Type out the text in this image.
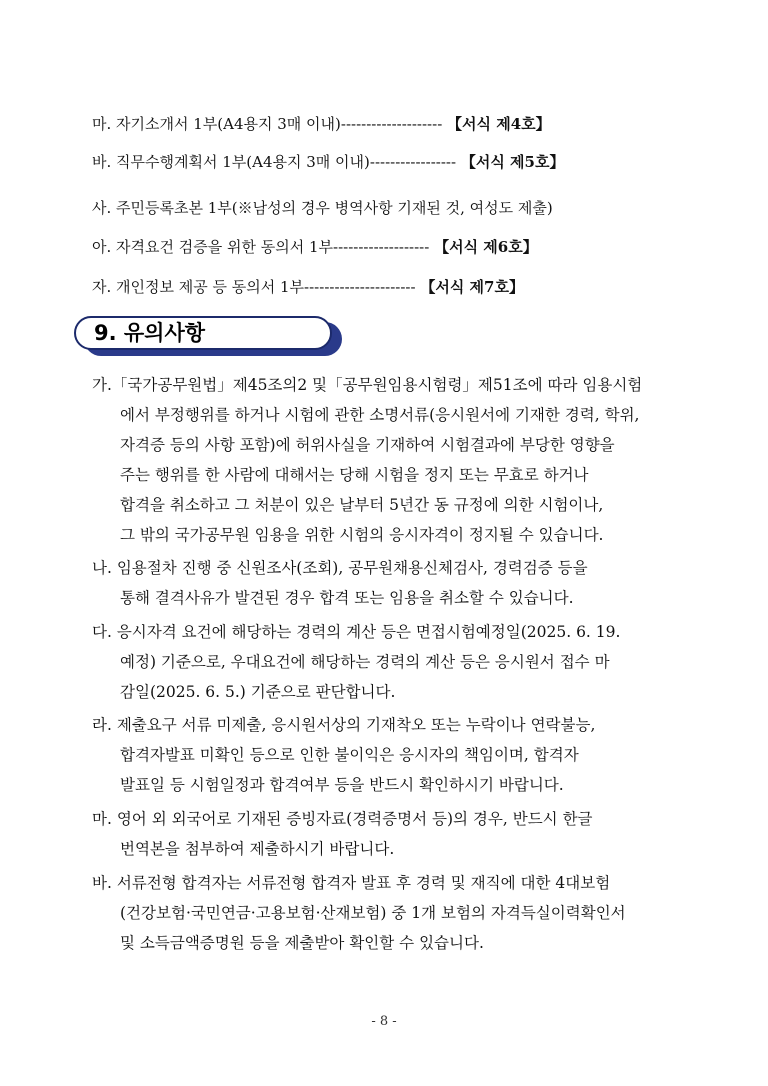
마. 자기소개서 1부(A4용지 3매 이내)-------------------- 【서식 제4호】
바. 직무수행계획서 1부(A4용지 3매 이내)----------------- 【서식 제5호】
사. 주민등록초본 1부(※남성의 경우 병역사항 기재된 것, 여성도 제출)
아. 자격요건 검증을 위한 동의서 1부------------------- 【서식 제6호】
자. 개인정보 제공 등 동의서 1부---------------------- 【서식 제7호】
9. 유의사항
가.「국가공무원법」제45조의2 및「공무원임용시험령」제51조에 따라 임용시험
에서 부정행위를 하거나 시험에 관한 소명서류(응시원서에 기재한 경력, 학위,
자격증 등의 사항 포함)에 허위사실을 기재하여 시험결과에 부당한 영향을
주는 행위를 한 사람에 대해서는 당해 시험을 정지 또는 무효로 하거나
합격을 취소하고 그 처분이 있은 날부터 5년간 동 규정에 의한 시험이나,
그 밖의 국가공무원 임용을 위한 시험의 응시자격이 정지될 수 있습니다.
나. 임용절차 진행 중 신원조사(조회), 공무원채용신체검사, 경력검증 등을
통해 결격사유가 발견된 경우 합격 또는 임용을 취소할 수 있습니다.
다. 응시자격 요건에 해당하는 경력의 계산 등은 면접시험예정일(2025. 6. 19.
예정) 기준으로, 우대요건에 해당하는 경력의 계산 등은 응시원서 접수 마
감일(2025. 6. 5.) 기준으로 판단합니다.
라. 제출요구 서류 미제출, 응시원서상의 기재착오 또는 누락이나 연락불능,
합격자발표 미확인 등으로 인한 불이익은 응시자의 책임이며, 합격자
발표일 등 시험일정과 합격여부 등을 반드시 확인하시기 바랍니다.
마. 영어 외 외국어로 기재된 증빙자료(경력증명서 등)의 경우, 반드시 한글
번역본을 첨부하여 제출하시기 바랍니다.
바. 서류전형 합격자는 서류전형 합격자 발표 후 경력 및 재직에 대한 4대보험
(건강보험·국민연금·고용보험·산재보험) 중 1개 보험의 자격득실이력확인서
및 소득금액증명원 등을 제출받아 확인할 수 있습니다.
- 8 -
